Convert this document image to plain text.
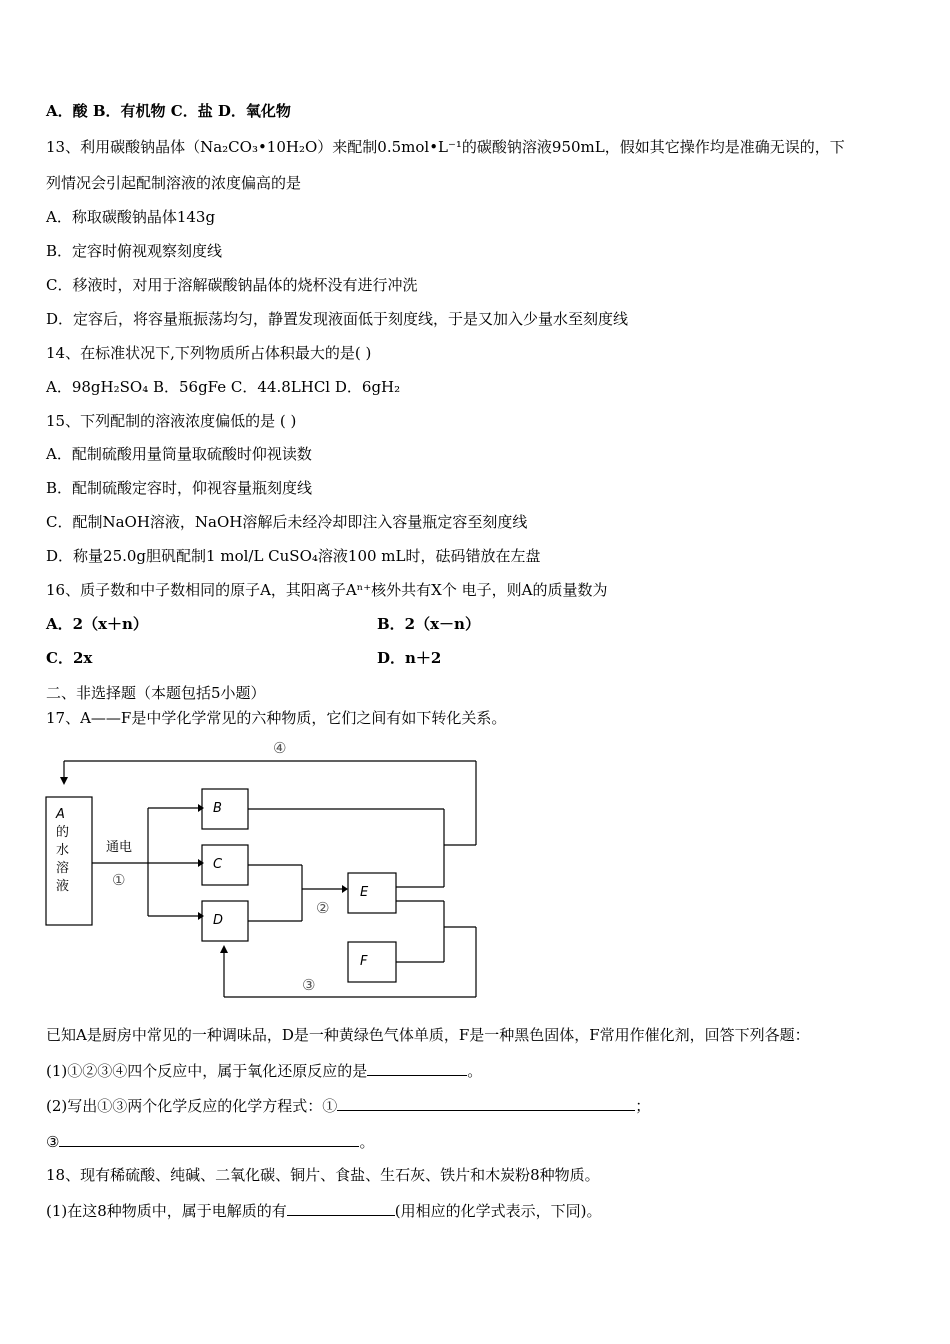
A．酸 B．有机物 C．盐 D．氧化物
13、利用碳酸钠晶体（Na₂CO₃•10H₂O）来配制0.5mol•L⁻¹的碳酸钠溶液950mL，假如其它操作均是准确无误的，下
列情况会引起配制溶液的浓度偏高的是
A．称取碳酸钠晶体143g
B．定容时俯视观察刻度线
C．移液时，对用于溶解碳酸钠晶体的烧杯没有进行冲洗
D．定容后，将容量瓶振荡均匀，静置发现液面低于刻度线，于是又加入少量水至刻度线
14、在标准状况下,下列物质所占体积最大的是( )
A．98gH₂SO₄ B．56gFe C．44.8LHCl D．6gH₂
15、下列配制的溶液浓度偏低的是 ( )
A．配制硫酸用量筒量取硫酸时仰视读数
B．配制硫酸定容时，仰视容量瓶刻度线
C．配制NaOH溶液，NaOH溶解后未经冷却即注入容量瓶定容至刻度线
D．称量25.0g胆矾配制1 mol/L CuSO₄溶液100 mL时，砝码错放在左盘
16、质子数和中子数相同的原子A，其阳离子Aⁿ⁺核外共有X个 电子，则A的质量数为
A．2（x＋n）	B．2（x－n）
C．2x	D．n＋2
二、非选择题（本题包括5小题）
17、A——F是中学化学常见的六种物质，它们之间有如下转化关系。
A	B
C
D
E
F
的
水
溶
液
通电
①
②
③
④
已知A是厨房中常见的一种调味品，D是一种黄绿色气体单质，F是一种黑色固体，F常用作催化剂，回答下列各题：
(1)①②③④四个反应中，属于氧化还原反应的是	。
(2)写出①③两个化学反应的化学方程式：①	；
③	。
18、现有稀硫酸、纯碱、二氧化碳、铜片、食盐、生石灰、铁片和木炭粉8种物质。
(1)在这8种物质中，属于电解质的有	(用相应的化学式表示，下同)。
